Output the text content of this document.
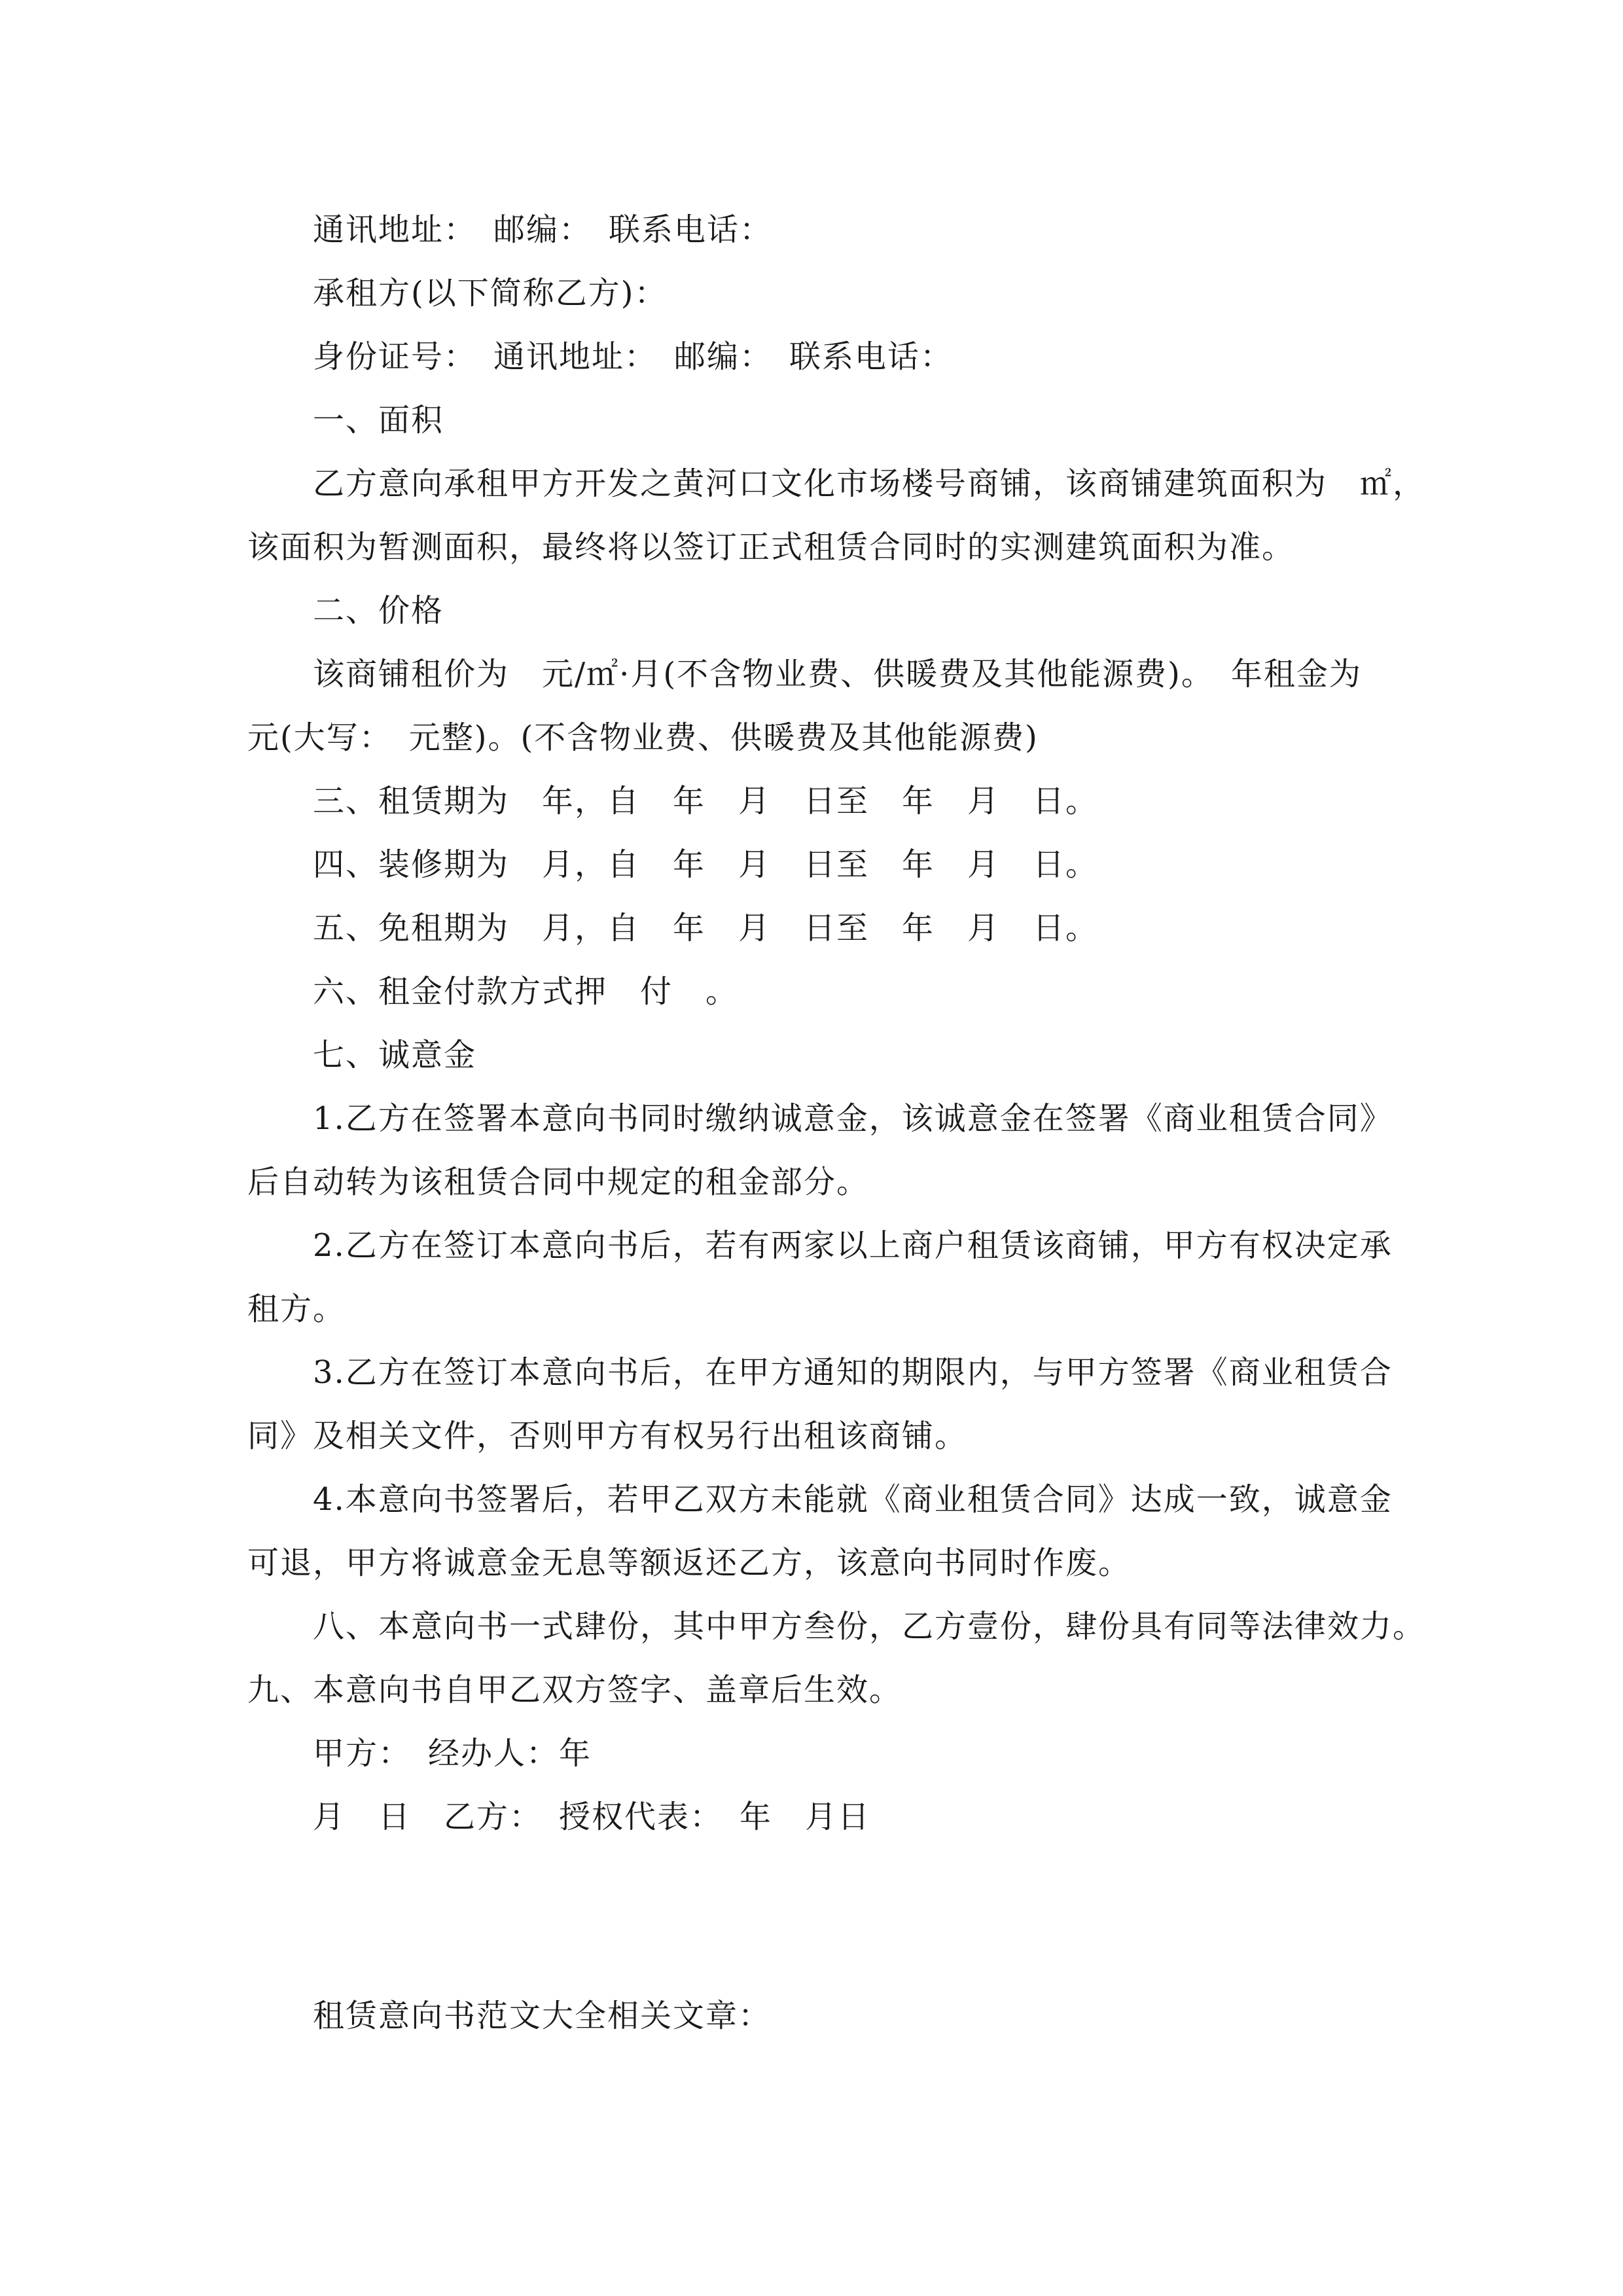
通讯地址：　邮编：　联系电话：
承租方(以下简称乙方)：
身份证号：　通讯地址：　邮编：　联系电话：
一、面积
乙方意向承租甲方开发之黄河口文化市场楼号商铺，该商铺建筑面积为　㎡，
该面积为暂测面积，最终将以签订正式租赁合同时的实测建筑面积为准。
二、价格
该商铺租价为　元/㎡·月(不含物业费、供暖费及其他能源费)。　年租金为
元(大写：　元整)。(不含物业费、供暖费及其他能源费)
三、租赁期为　年，自　年　月　日至　年　月　日。
四、装修期为　月，自　年　月　日至　年　月　日。
五、免租期为　月，自　年　月　日至　年　月　日。
六、租金付款方式押　付　。
七、诚意金
1.乙方在签署本意向书同时缴纳诚意金，该诚意金在签署《商业租赁合同》
后自动转为该租赁合同中规定的租金部分。
2.乙方在签订本意向书后，若有两家以上商户租赁该商铺，甲方有权决定承
租方。
3.乙方在签订本意向书后，在甲方通知的期限内，与甲方签署《商业租赁合
同》及相关文件，否则甲方有权另行出租该商铺。
4.本意向书签署后，若甲乙双方未能就《商业租赁合同》达成一致，诚意金
可退，甲方将诚意金无息等额返还乙方，该意向书同时作废。
八、本意向书一式肆份，其中甲方叁份，乙方壹份，肆份具有同等法律效力。
九、本意向书自甲乙双方签字、盖章后生效。
甲方：　经办人：年
月　日　乙方：　授权代表：　年　月日
租赁意向书范文大全相关文章：
